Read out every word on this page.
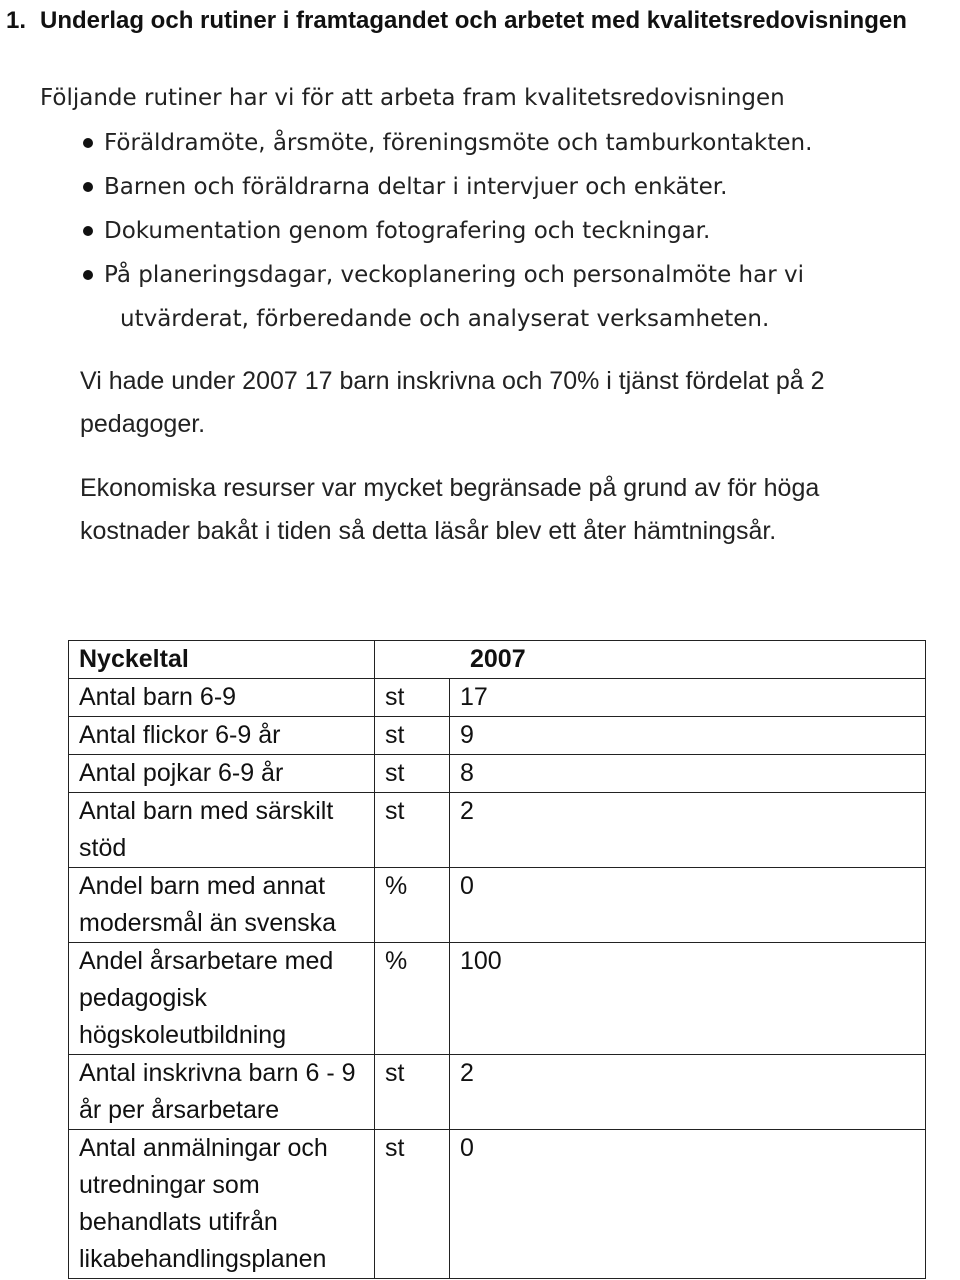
1. Underlag och rutiner i framtagandet och arbetet med kvalitetsredovisningen
Följande rutiner har vi för att arbeta fram kvalitetsredovisningen
Föräldramöte, årsmöte, föreningsmöte och tamburkontakten.
Barnen och föräldrarna deltar i intervjuer och enkäter.
Dokumentation genom fotografering och teckningar.
På planeringsdagar, veckoplanering och personalmöte har vi
utvärderat, förberedande och analyserat verksamheten.
Vi hade under 2007 17 barn inskrivna och 70% i tjänst fördelat på 2 pedagoger.
Ekonomiska resurser var mycket begränsade på grund av för höga kostnader bakåt i tiden så detta läsår blev ett åter hämtningsår.
Nyckeltal	2007	
Antal barn 6-9	st	17
Antal flickor 6-9 år	st	9
Antal pojkar 6-9 år	st	8
Antal barn med särskilt stöd	st	2
Andel barn med annat modersmål än svenska	%	0
Andel årsarbetare med pedagogisk högskoleutbildning	%	100
Antal inskrivna barn 6 - 9 år per årsarbetare	st	2
Antal anmälningar och utredningar som behandlats utifrån likabehandlingsplanen	st	0
